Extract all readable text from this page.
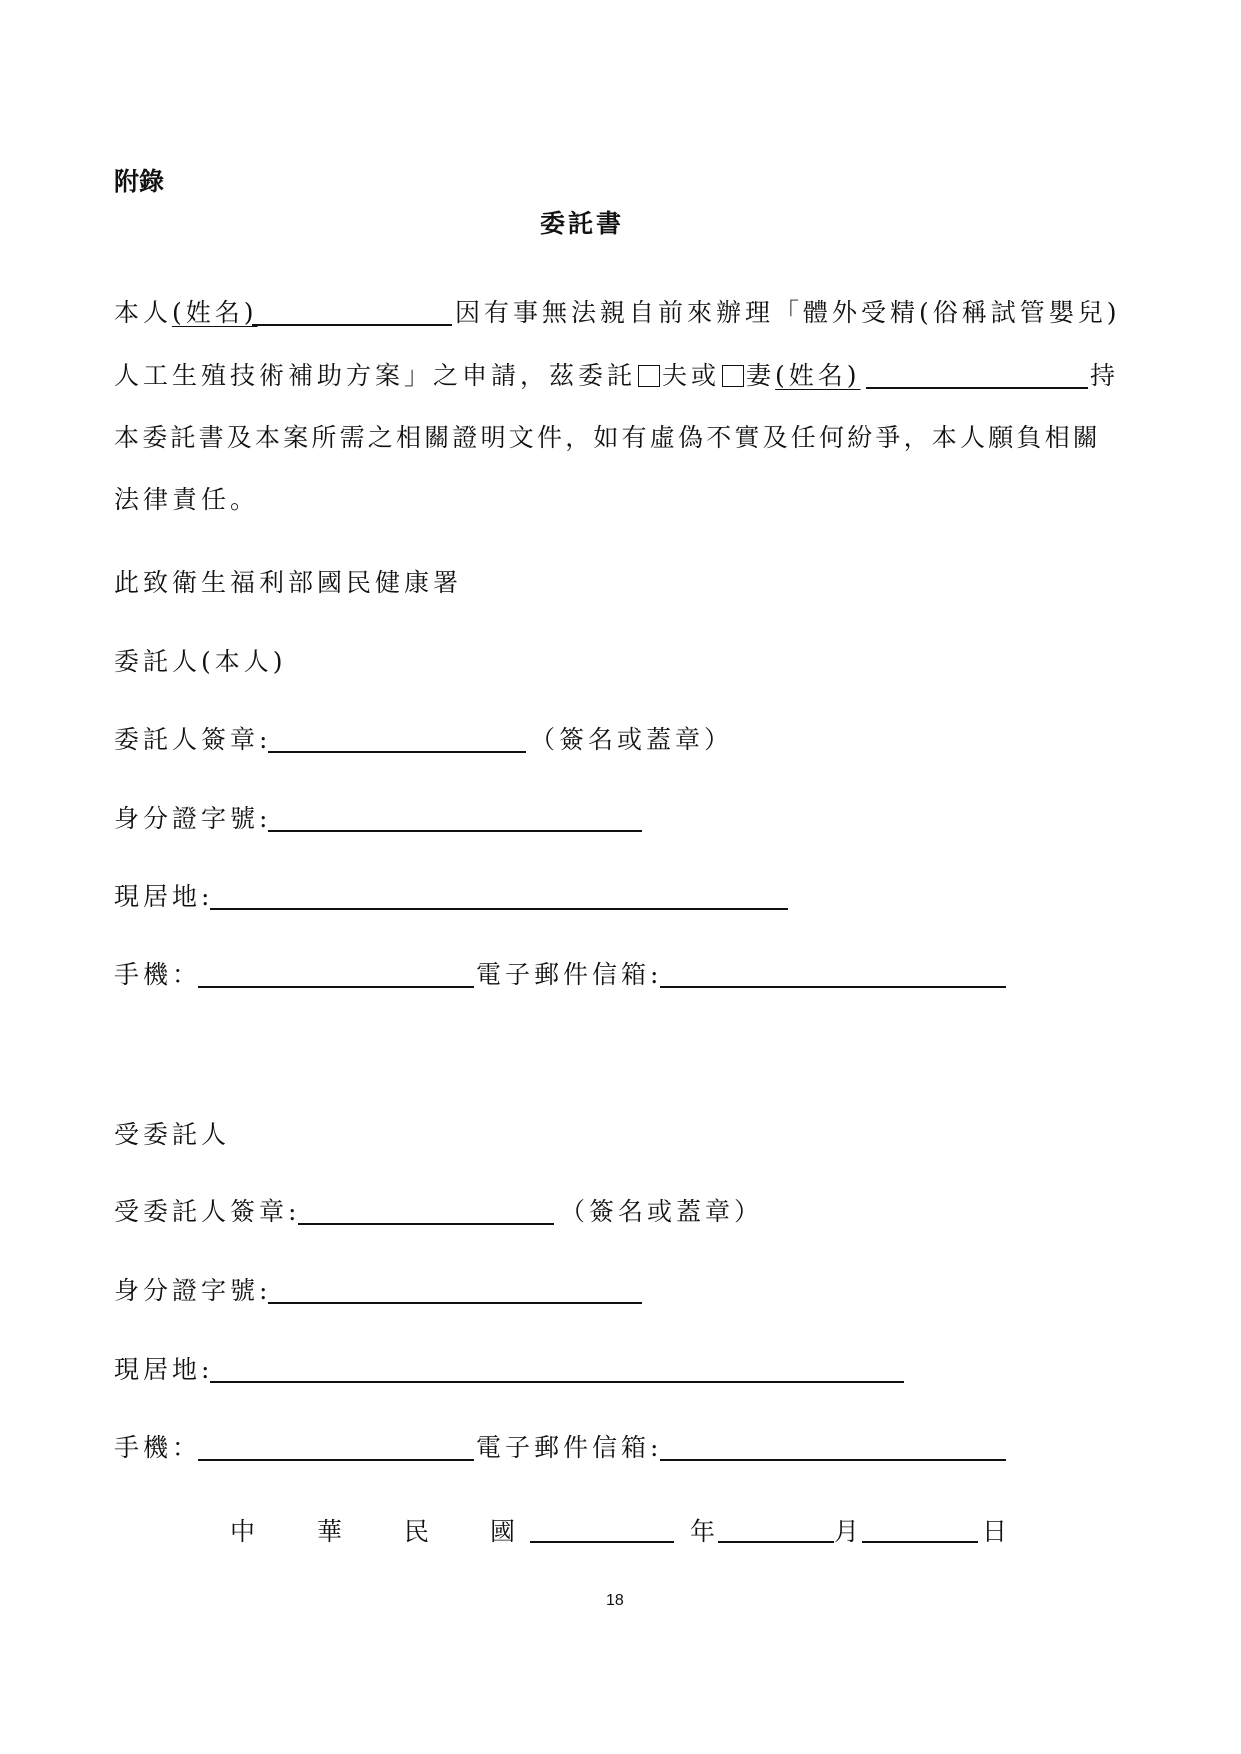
附錄
委託書
本人(姓名)	因有事無法親自前來辦理「體外受精(俗稱試管嬰兒)
人工生殖技術補助方案」之申請，茲委託 夫或 妻(姓名)	持
本委託書及本案所需之相關證明文件，如有虛偽不實及任何紛爭，本人願負相關
法律責任。
此致衛生福利部國民健康署
委託人(本人)
委託人簽章:	（簽名或蓋章）
身分證字號:
現居地:
手機：	電子郵件信箱:
受委託人
受委託人簽章:	（簽名或蓋章）
身分證字號:
現居地:
手機：	電子郵件信箱:
中 華 民 國	年	月	日
18
